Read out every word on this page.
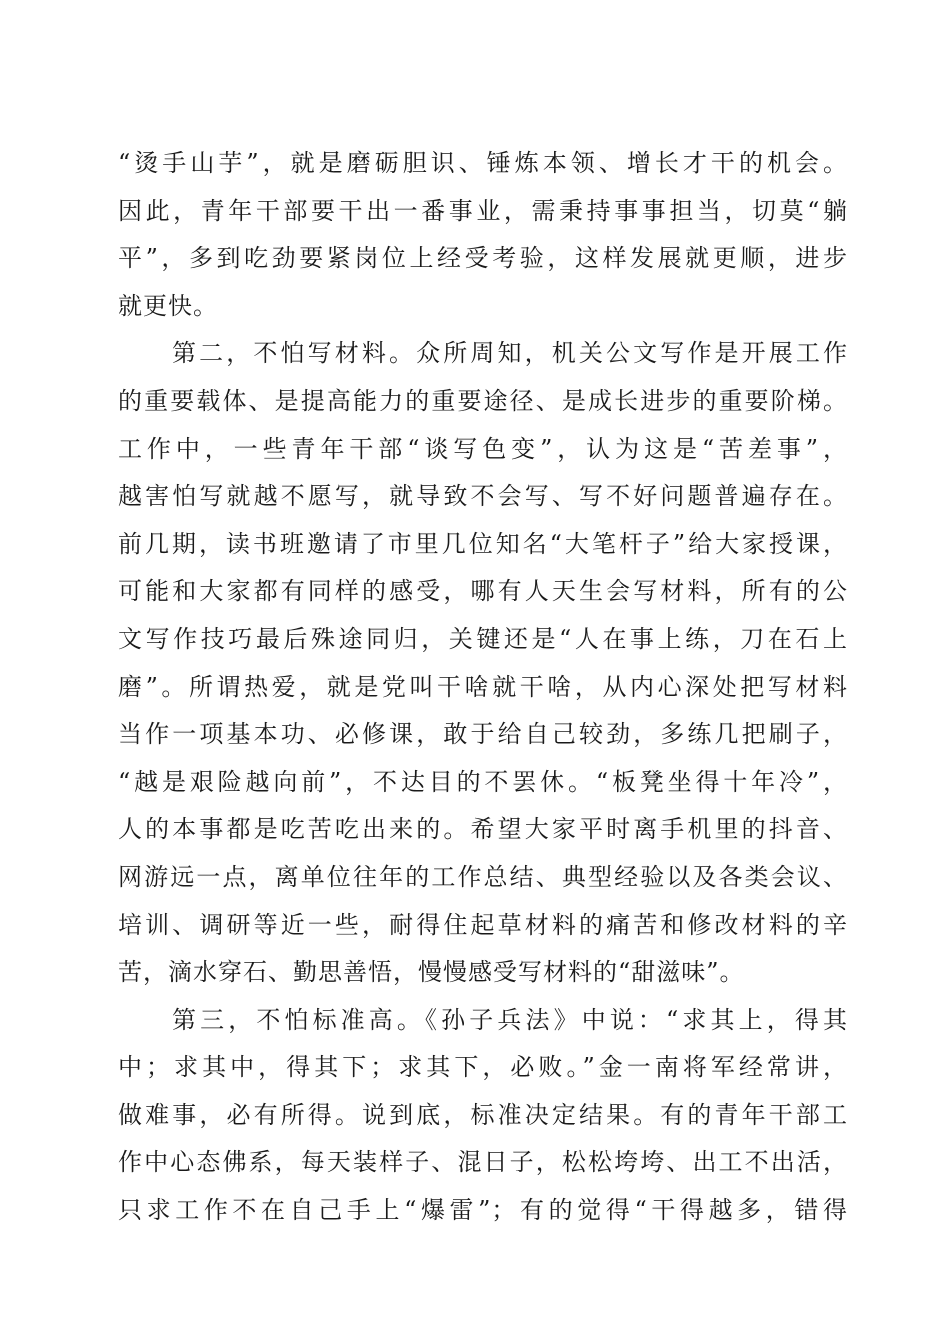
“烫手山芋”，就是磨砺胆识、锤炼本领、增长才干的机会。
因此，青年干部要干出一番事业，需秉持事事担当，切莫“躺
平”，多到吃劲要紧岗位上经受考验，这样发展就更顺，进步
就更快。
第二，不怕写材料。众所周知，机关公文写作是开展工作
的重要载体、是提高能力的重要途径、是成长进步的重要阶梯。
工作中，一些青年干部“谈写色变”，认为这是“苦差事”，
越害怕写就越不愿写，就导致不会写、写不好问题普遍存在。
前几期，读书班邀请了市里几位知名“大笔杆子”给大家授课，
可能和大家都有同样的感受，哪有人天生会写材料，所有的公
文写作技巧最后殊途同归，关键还是“人在事上练，刀在石上
磨”。所谓热爱，就是党叫干啥就干啥，从内心深处把写材料
当作一项基本功、必修课，敢于给自己较劲，多练几把刷子，
“越是艰险越向前”，不达目的不罢休。“板凳坐得十年冷”，
人的本事都是吃苦吃出来的。希望大家平时离手机里的抖音、
网游远一点，离单位往年的工作总结、典型经验以及各类会议、
培训、调研等近一些，耐得住起草材料的痛苦和修改材料的辛
苦，滴水穿石、勤思善悟，慢慢感受写材料的“甜滋味”。
第三，不怕标准高。《孙子兵法》中说：“求其上，得其
中；求其中，得其下；求其下，必败。”金一南将军经常讲，
做难事，必有所得。说到底，标准决定结果。有的青年干部工
作中心态佛系，每天装样子、混日子，松松垮垮、出工不出活，
只求工作不在自己手上“爆雷”；有的觉得“干得越多，错得
